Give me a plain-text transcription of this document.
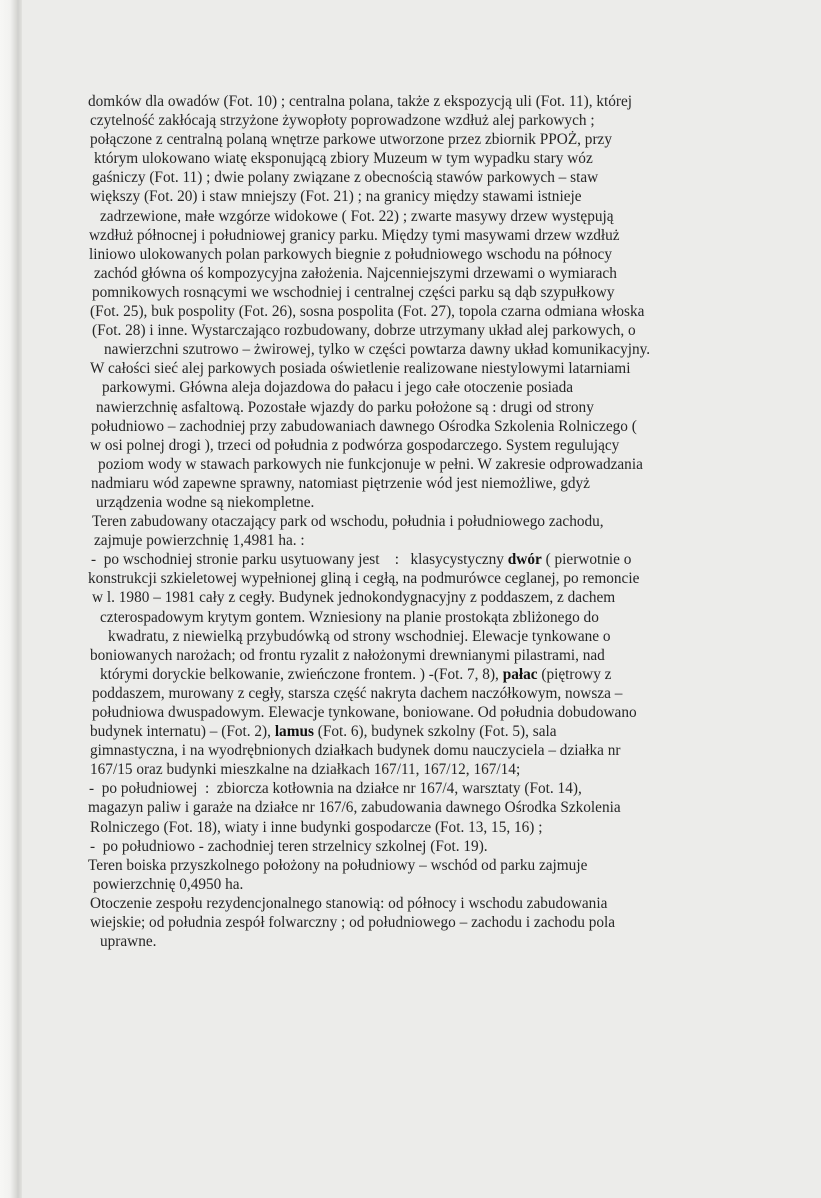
domków dla owadów (Fot. 10) ; centralna polana, także z ekspozycją uli (Fot. 11), której
czytelność zakłócają strzyżone żywopłoty poprowadzone wzdłuż alej parkowych ;
połączone z centralną polaną wnętrze parkowe utworzone przez zbiornik PPOŻ, przy
którym ulokowano wiatę eksponującą zbiory Muzeum w tym wypadku stary wóz
gaśniczy (Fot. 11) ; dwie polany związane z obecnością stawów parkowych – staw
większy (Fot. 20) i staw mniejszy (Fot. 21) ; na granicy między stawami istnieje
zadrzewione, małe wzgórze widokowe ( Fot. 22) ; zwarte masywy drzew występują
wzdłuż północnej i południowej granicy parku. Między tymi masywami drzew wzdłuż
liniowo ulokowanych polan parkowych biegnie z południowego wschodu na północy
zachód główna oś kompozycyjna założenia. Najcenniejszymi drzewami o wymiarach
pomnikowych rosnącymi we wschodniej i centralnej części parku są dąb szypułkowy
(Fot. 25), buk pospolity (Fot. 26), sosna pospolita (Fot. 27), topola czarna odmiana włoska
(Fot. 28) i inne. Wystarczająco rozbudowany, dobrze utrzymany układ alej parkowych, o
nawierzchni szutrowo – żwirowej, tylko w części powtarza dawny układ komunikacyjny.
W całości sieć alej parkowych posiada oświetlenie realizowane niestylowymi latarniami
parkowymi. Główna aleja dojazdowa do pałacu i jego całe otoczenie posiada
nawierzchnię asfaltową. Pozostałe wjazdy do parku położone są : drugi od strony
południowo – zachodniej przy zabudowaniach dawnego Ośrodka Szkolenia Rolniczego (
w osi polnej drogi ), trzeci od południa z podwórza gospodarczego. System regulujący
poziom wody w stawach parkowych nie funkcjonuje w pełni. W zakresie odprowadzania
nadmiaru wód zapewne sprawny, natomiast piętrzenie wód jest niemożliwe, gdyż
urządzenia wodne są niekompletne.
Teren zabudowany otaczający park od wschodu, południa i południowego zachodu,
zajmuje powierzchnię 1,4981 ha. :
-  po wschodniej stronie parku usytuowany jest    :   klasycystyczny dwór ( pierwotnie o
konstrukcji szkieletowej wypełnionej gliną i cegłą, na podmurówce ceglanej, po remoncie
w l. 1980 – 1981 cały z cegły. Budynek jednokondygnacyjny z poddaszem, z dachem
czterospadowym krytym gontem. Wzniesiony na planie prostokąta zbliżonego do
kwadratu, z niewielką przybudówką od strony wschodniej. Elewacje tynkowane o
boniowanych narożach; od frontu ryzalit z nałożonymi drewnianymi pilastrami, nad
którymi doryckie belkowanie, zwieńczone frontem. ) -(Fot. 7, 8), pałac (piętrowy z
poddaszem, murowany z cegły, starsza część nakryta dachem naczółkowym, nowsza –
południowa dwuspadowym. Elewacje tynkowane, boniowane. Od południa dobudowano
budynek internatu) – (Fot. 2), lamus (Fot. 6), budynek szkolny (Fot. 5), sala
gimnastyczna, i na wyodrębnionych działkach budynek domu nauczyciela – działka nr
167/15 oraz budynki mieszkalne na działkach 167/11, 167/12, 167/14;
-  po południowej  :  zbiorcza kotłownia na działce nr 167/4, warsztaty (Fot. 14),
magazyn paliw i garaże na działce nr 167/6, zabudowania dawnego Ośrodka Szkolenia
Rolniczego (Fot. 18), wiaty i inne budynki gospodarcze (Fot. 13, 15, 16) ;
-  po południowo - zachodniej teren strzelnicy szkolnej (Fot. 19).
Teren boiska przyszkolnego położony na południowy – wschód od parku zajmuje
powierzchnię 0,4950 ha.
Otoczenie zespołu rezydencjonalnego stanowią: od północy i wschodu zabudowania
wiejskie; od południa zespół folwarczny ; od południowego – zachodu i zachodu pola
uprawne.
